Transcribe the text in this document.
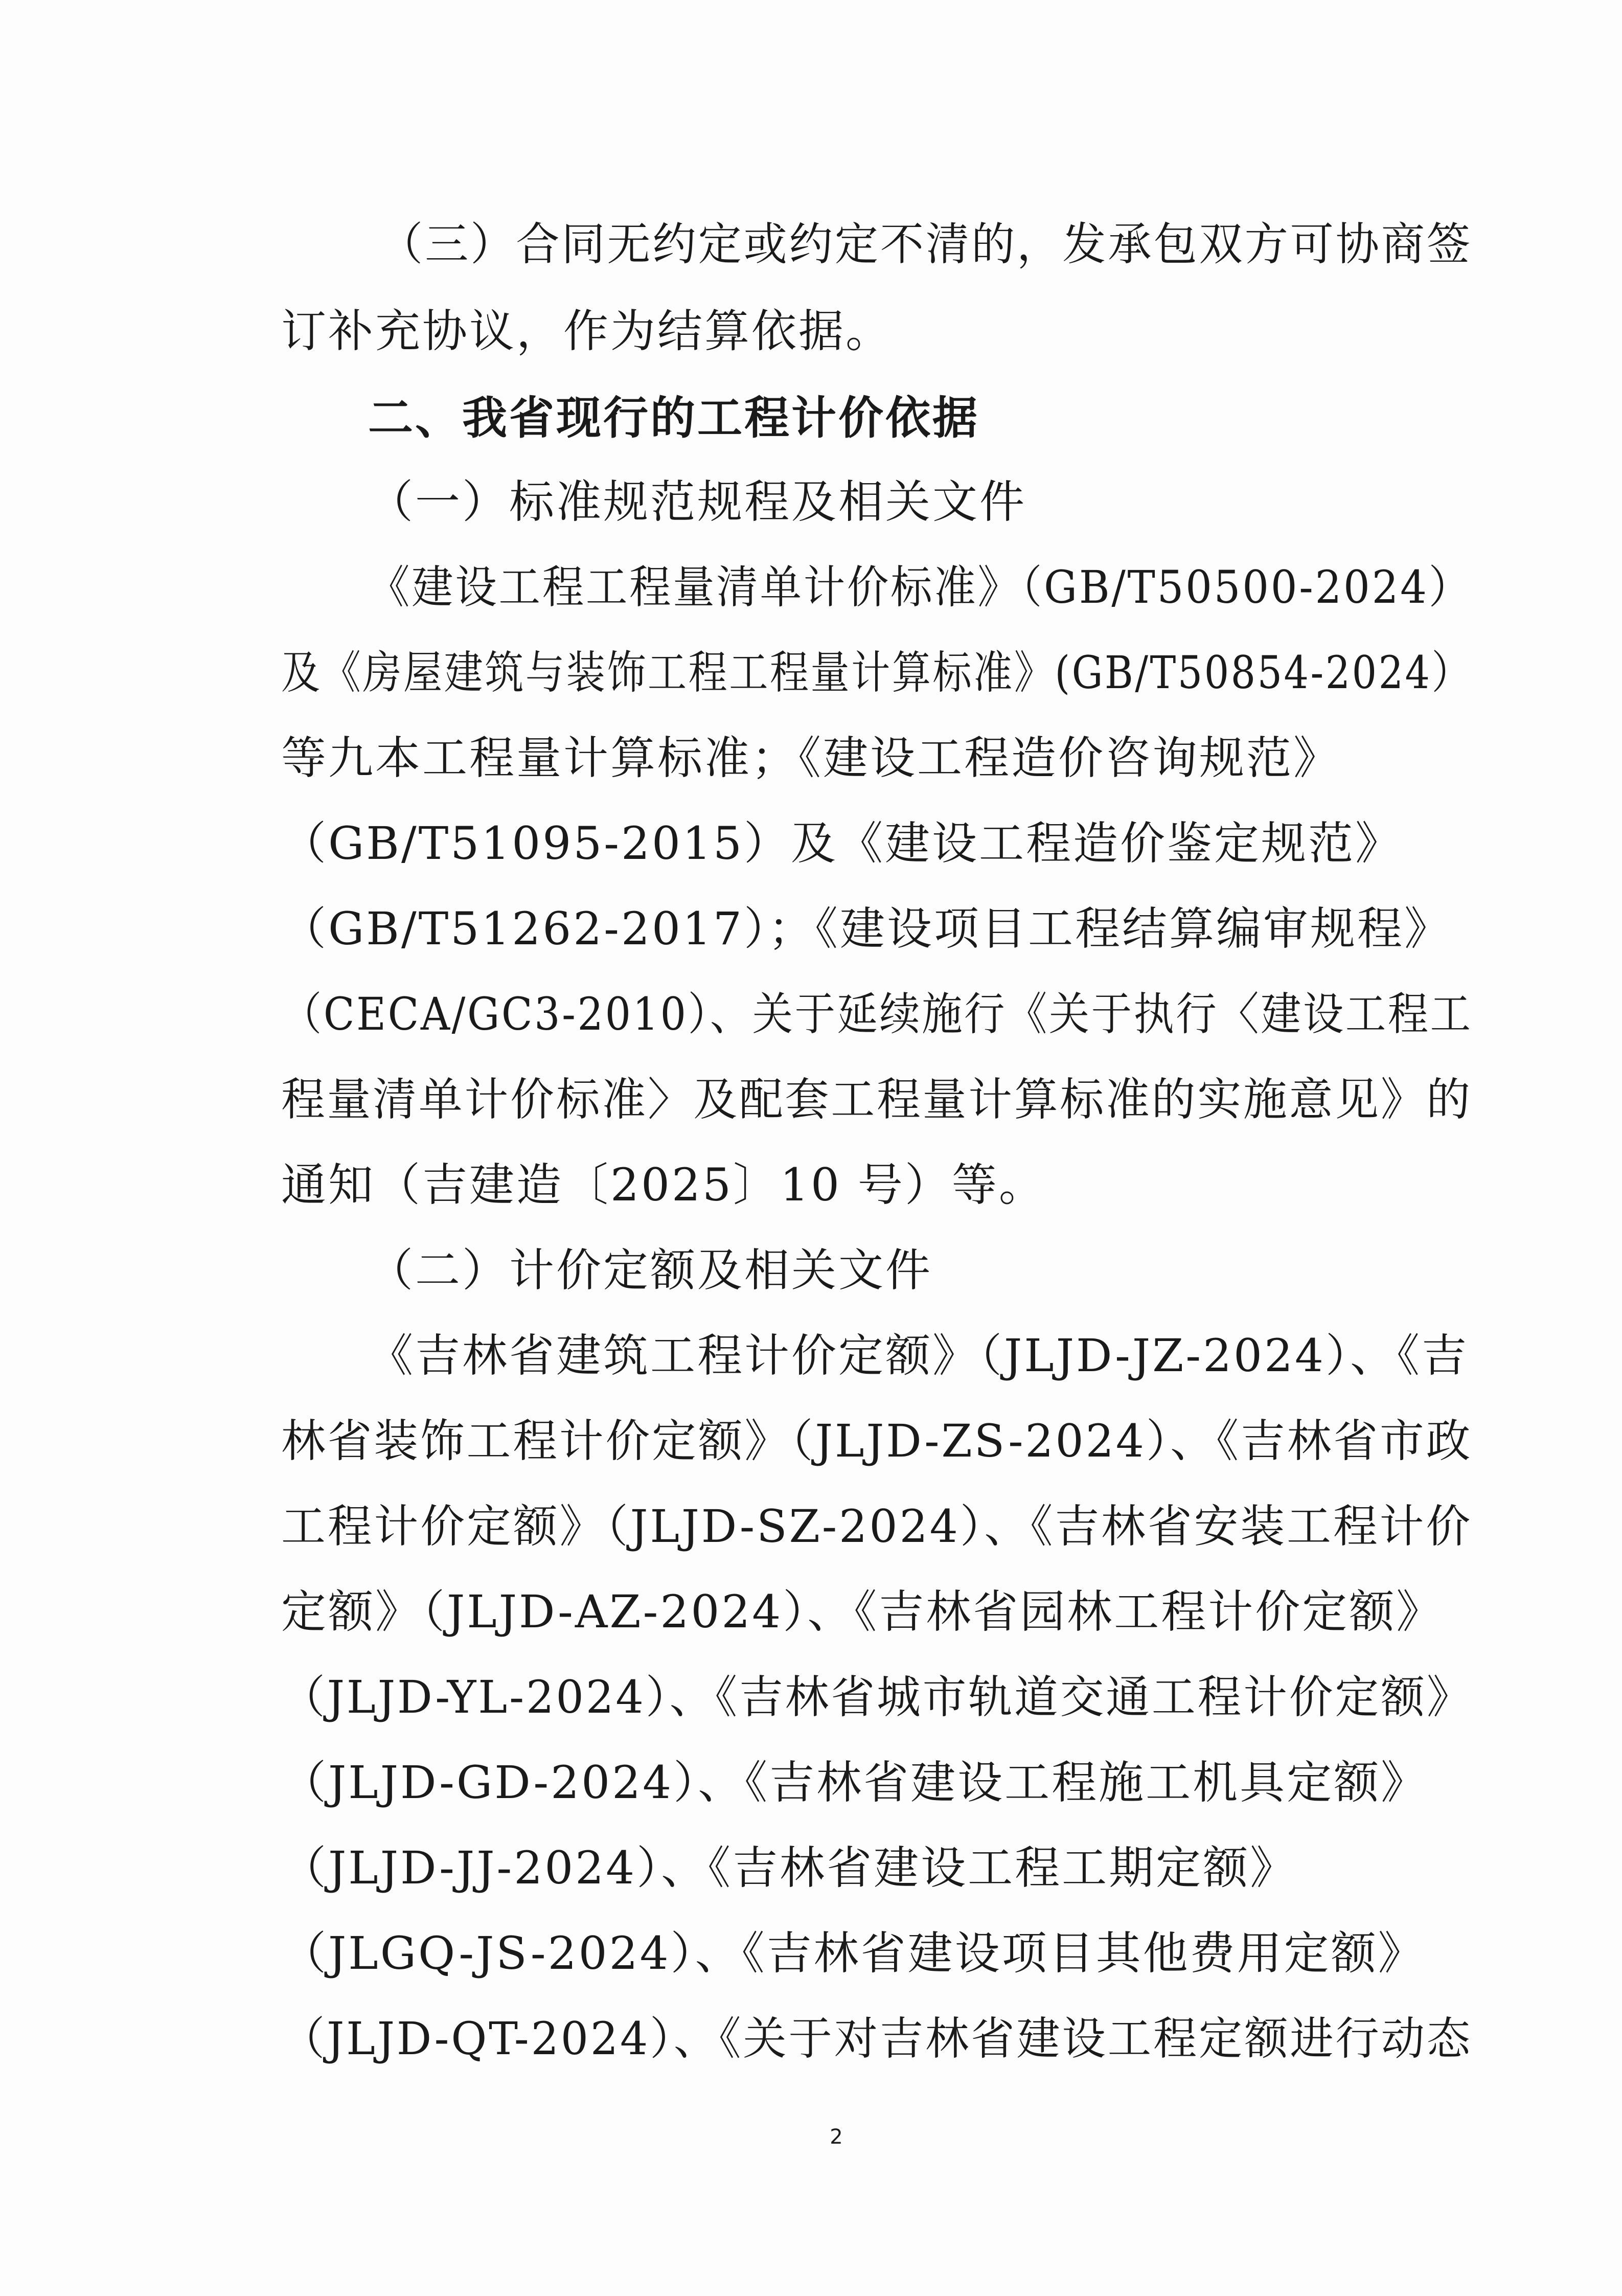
（三）合同无约定或约定不清的，发承包双方可协商签
订补充协议，作为结算依据。
二、我省现行的工程计价依据
（一）标准规范规程及相关文件
《建设工程工程量清单计价标准》（GB/T50500-2024）
及《房屋建筑与装饰工程工程量计算标准》(GB/T50854-2024）
等九本工程量计算标准；《建设工程造价咨询规范》
（GB/T51095-2015）及《建设工程造价鉴定规范》
（GB/T51262-2017）；《建设项目工程结算编审规程》
（CECA/GC3-2010）、关于延续施行《关于执行〈建设工程工
程量清单计价标准〉及配套工程量计算标准的实施意见》的
通知（吉建造〔2025〕10 号）等。
（二）计价定额及相关文件
《吉林省建筑工程计价定额》（JLJD-JZ-2024）、《吉
林省装饰工程计价定额》（JLJD-ZS-2024）、《吉林省市政
工程计价定额》（JLJD-SZ-2024）、《吉林省安装工程计价
定额》（JLJD-AZ-2024）、《吉林省园林工程计价定额》
（JLJD-YL-2024）、《吉林省城市轨道交通工程计价定额》
（JLJD-GD-2024）、《吉林省建设工程施工机具定额》
（JLJD-JJ-2024）、《吉林省建设工程工期定额》
（JLGQ-JS-2024）、《吉林省建设项目其他费用定额》
（JLJD-QT-2024）、《关于对吉林省建设工程定额进行动态
2
